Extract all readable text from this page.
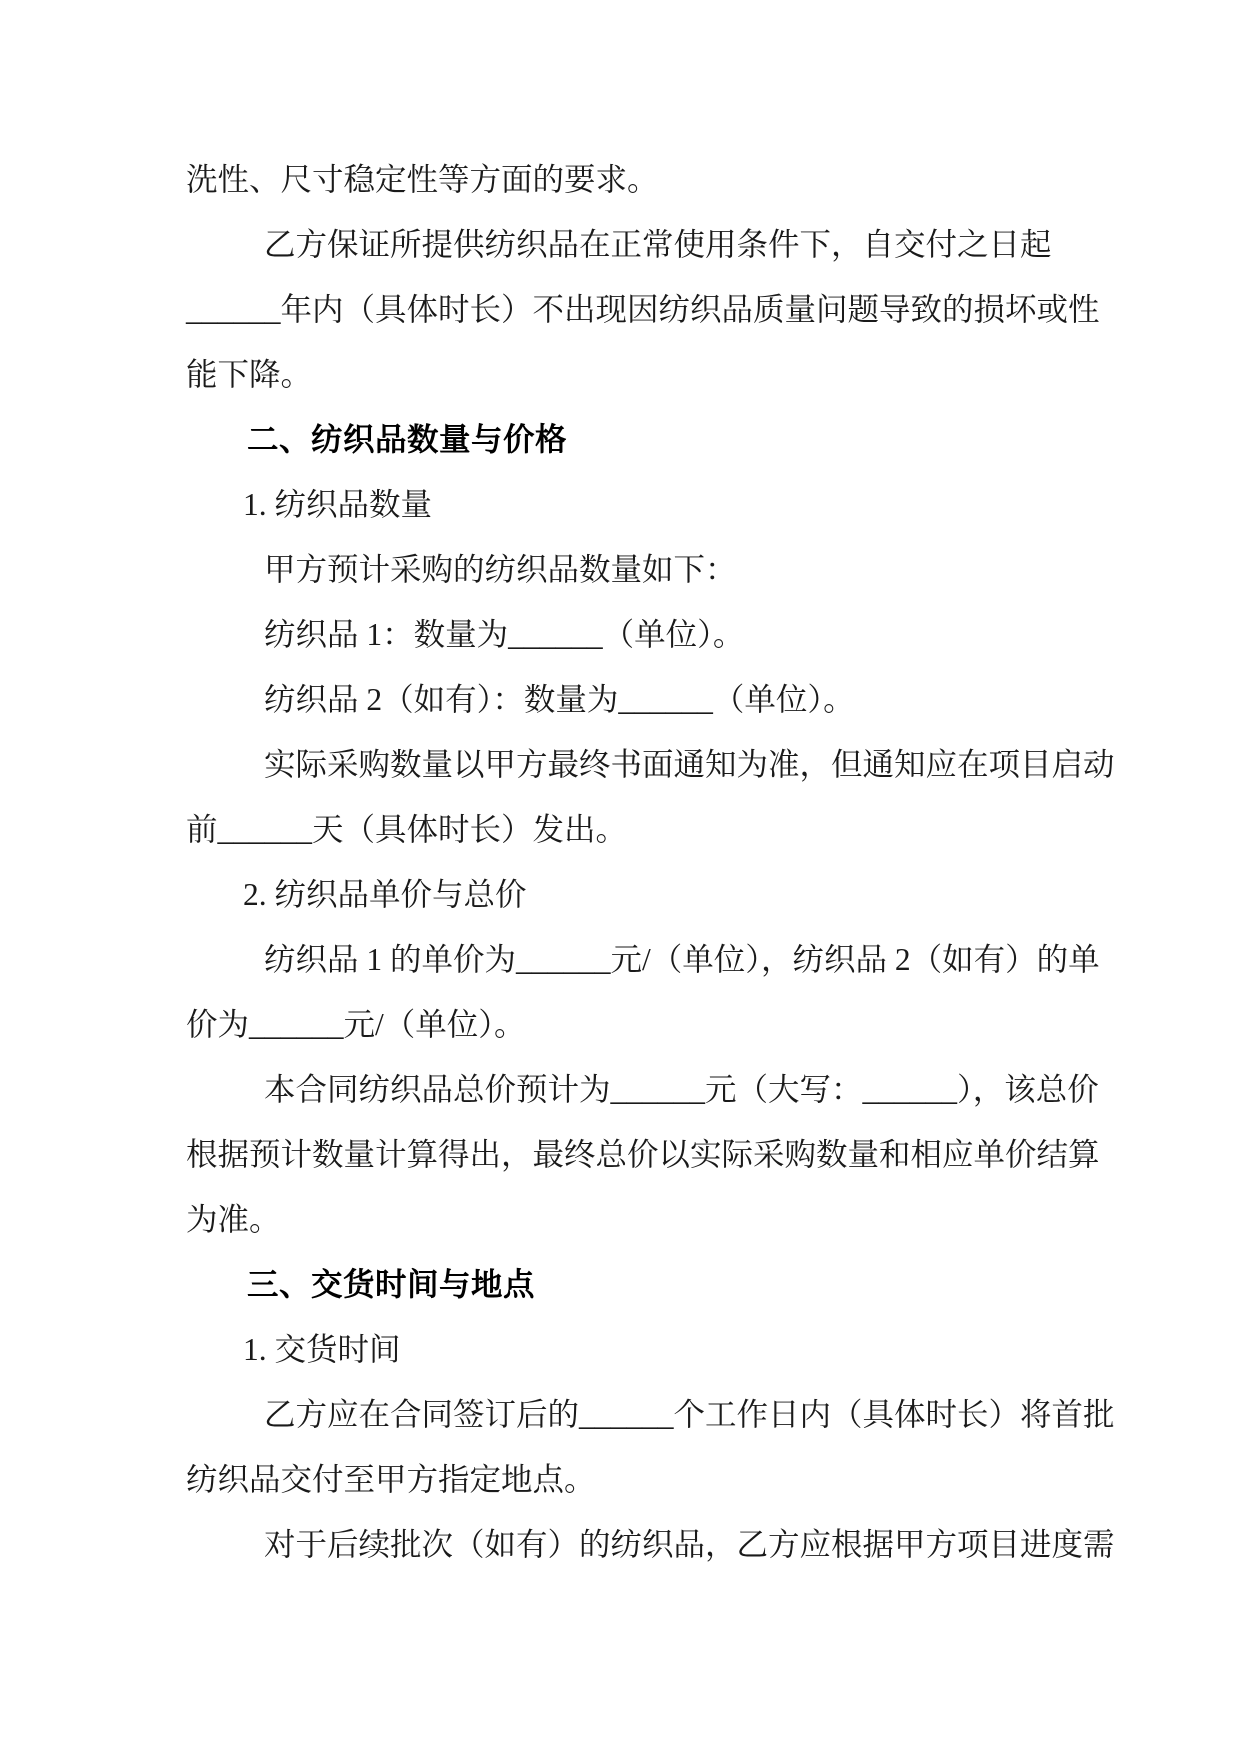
洗性、尺寸稳定性等方面的要求。

乙方保证所提供纺织品在正常使用条件下，自交付之日起

______年内（具体时长）不出现因纺织品质量问题导致的损坏或性

能下降。

二、纺织品数量与价格

1. 纺织品数量

甲方预计采购的纺织品数量如下：

纺织品 1：数量为______（单位）。

纺织品 2（如有）：数量为______（单位）。

实际采购数量以甲方最终书面通知为准，但通知应在项目启动

前______天（具体时长）发出。

2. 纺织品单价与总价

纺织品 1 的单价为______元/（单位），纺织品 2（如有）的单

价为______元/（单位）。

本合同纺织品总价预计为______元（大写：______），该总价

根据预计数量计算得出，最终总价以实际采购数量和相应单价结算

为准。

三、交货时间与地点

1. 交货时间

乙方应在合同签订后的______个工作日内（具体时长）将首批

纺织品交付至甲方指定地点。

对于后续批次（如有）的纺织品，乙方应根据甲方项目进度需
